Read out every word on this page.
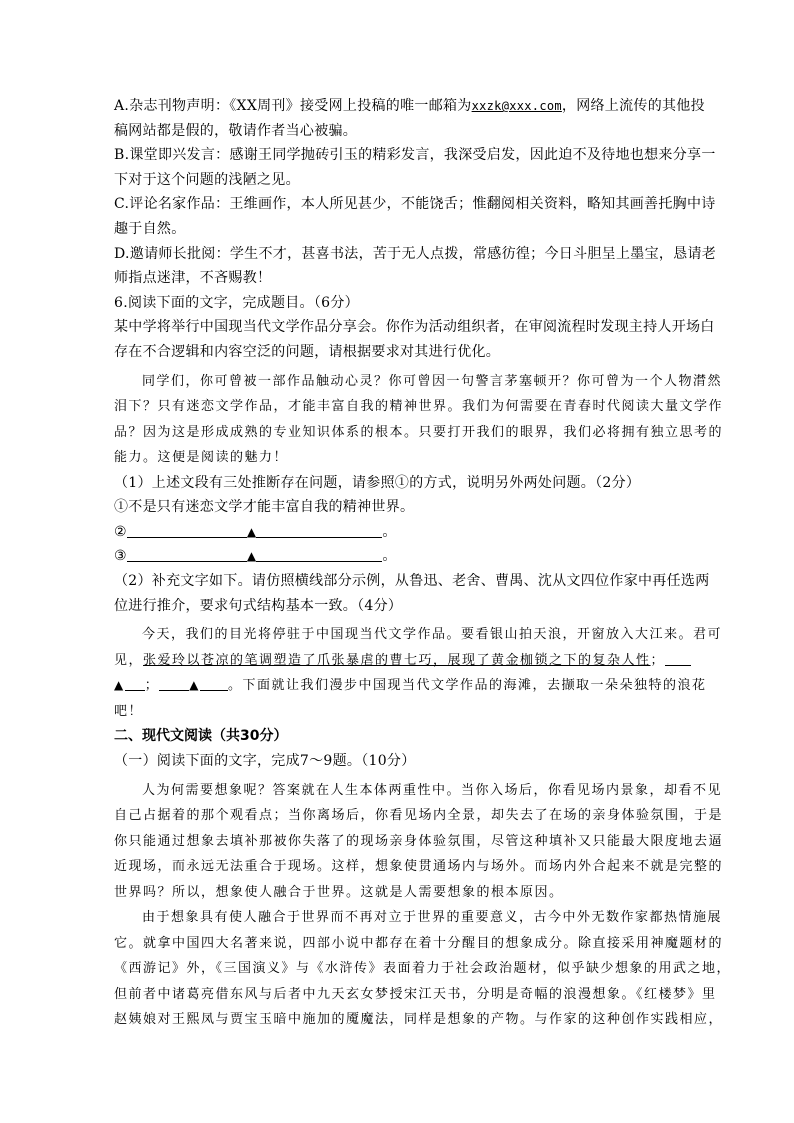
A.杂志刊物声明：《XX周刊》接受网上投稿的唯一邮箱为xxzk@xxx.com，网络上流传的其他投
稿网站都是假的，敬请作者当心被骗。
B.课堂即兴发言：感谢王同学抛砖引玉的精彩发言，我深受启发，因此迫不及待地也想来分享一
下对于这个问题的浅陋之见。
C.评论名家作品：王维画作，本人所见甚少，不能饶舌；惟翻阅相关资料，略知其画善托胸中诗
趣于自然。
D.邀请师长批阅：学生不才，甚喜书法，苦于无人点拨，常感彷徨；今日斗胆呈上墨宝，恳请老
师指点迷津，不吝赐教！
6.阅读下面的文字，完成题目。（6分）
某中学将举行中国现当代文学作品分享会。你作为活动组织者，在审阅流程时发现主持人开场白
存在不合逻辑和内容空泛的问题，请根据要求对其进行优化。
同学们，你可曾被一部作品触动心灵？你可曾因一句警言茅塞顿开？你可曾为一个人物潸然
泪下？只有迷恋文学作品，才能丰富自我的精神世界。我们为何需要在青春时代阅读大量文学作
品？因为这是形成成熟的专业知识体系的根本。只要打开我们的眼界，我们必将拥有独立思考的
能力。这便是阅读的魅力！
（1）上述文段有三处推断存在问题，请参照①的方式，说明另外两处问题。（2分）
①不是只有迷恋文学才能丰富自我的精神世界。
②	▲	。
③	▲	。
（2）补充文字如下。请仿照横线部分示例，从鲁迅、老舍、曹禺、沈从文四位作家中再任选两
位进行推介，要求句式结构基本一致。（4分）
今天，我们的目光将停驻于中国现当代文学作品。要看银山拍天浪，开窗放入大江来。君可
见，张爱玲以苍凉的笔调塑造了爪张暴虐的曹七巧，展现了黄金枷锁之下的复杂人性；
▲ ；	▲ 。下面就让我们漫步中国现当代文学作品的海滩，去撷取一朵朵独特的浪花
吧！
二、现代文阅读（共30分）
（一）阅读下面的文字，完成7～9题。（10分）
人为何需要想象呢？答案就在人生本体两重性中。当你入场后，你看见场内景象，却看不见
自己占据着的那个观看点；当你离场后，你看见场内全景，却失去了在场的亲身体验氛围，于是
你只能通过想象去填补那被你失落了的现场亲身体验氛围，尽管这种填补又只能最大限度地去逼
近现场，而永远无法重合于现场。这样，想象使贯通场内与场外。而场内外合起来不就是完整的
世界吗？所以，想象使人融合于世界。这就是人需要想象的根本原因。
由于想象具有使人融合于世界而不再对立于世界的重要意义，古今中外无数作家都热情施展
它。就拿中国四大名著来说，四部小说中都存在着十分醒目的想象成分。除直接采用神魔题材的
《西游记》外，《三国演义》与《水浒传》表面着力于社会政治题材，似乎缺少想象的用武之地，
但前者中诸葛亮借东风与后者中九天玄女梦授宋江天书，分明是奇幅的浪漫想象。《红楼梦》里
赵姨娘对王熙凤与贾宝玉暗中施加的魇魔法，同样是想象的产物。与作家的这种创作实践相应，
